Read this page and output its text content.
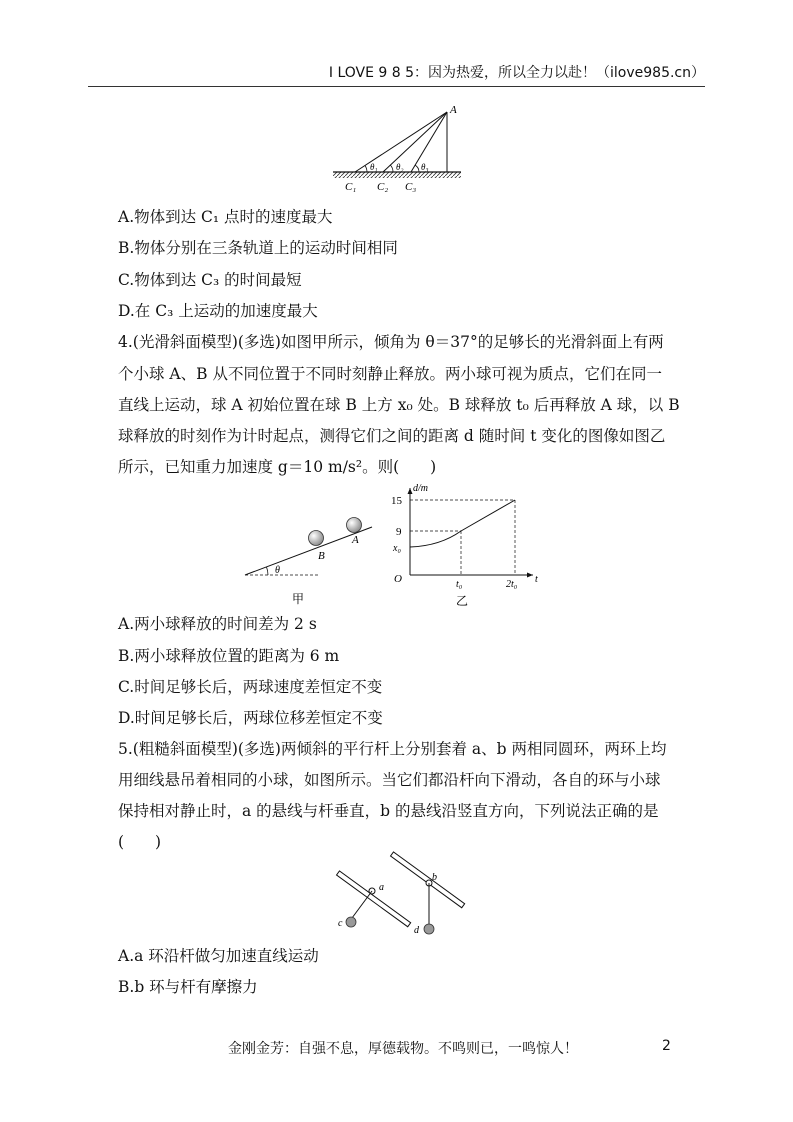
I LOVE 9 8 5：因为热爱，所以全力以赴！（ilove985.cn）
A
θ₁ θ₂ θ₃
C₁ C₂ C₃
A.物体到达 C₁ 点时的速度最大
B.物体分别在三条轨道上的运动时间相同
C.物体到达 C₃ 的时间最短
D.在 C₃ 上运动的加速度最大
4.(光滑斜面模型)(多选)如图甲所示，倾角为 θ＝37°的足够长的光滑斜面上有两
个小球 A、B 从不同位置于不同时刻静止释放。两小球可视为质点，它们在同一
直线上运动，球 A 初始位置在球 B 上方 x₀ 处。B 球释放 t₀ 后再释放 A 球，以 B
球释放的时刻作为计时起点，测得它们之间的距离 d 随时间 t 变化的图像如图乙
所示，已知重力加速度 g＝10 m/s²。则(　　)
B
A
θ
甲
d/m
t
O
15
9
x₀
t₀	2t₀
乙
A.两小球释放的时间差为 2 s
B.两小球释放位置的距离为 6 m
C.时间足够长后，两球速度差恒定不变
D.时间足够长后，两球位移差恒定不变
5.(粗糙斜面模型)(多选)两倾斜的平行杆上分别套着 a、b 两相同圆环，两环上均
用细线悬吊着相同的小球，如图所示。当它们都沿杆向下滑动，各自的环与小球
保持相对静止时，a 的悬线与杆垂直，b 的悬线沿竖直方向，下列说法正确的是
(　　)
a
b
c
d
A.a 环沿杆做匀加速直线运动
B.b 环与杆有摩擦力
金刚金芳：自强不息，厚德载物。不鸣则已，一鸣惊人！	2
